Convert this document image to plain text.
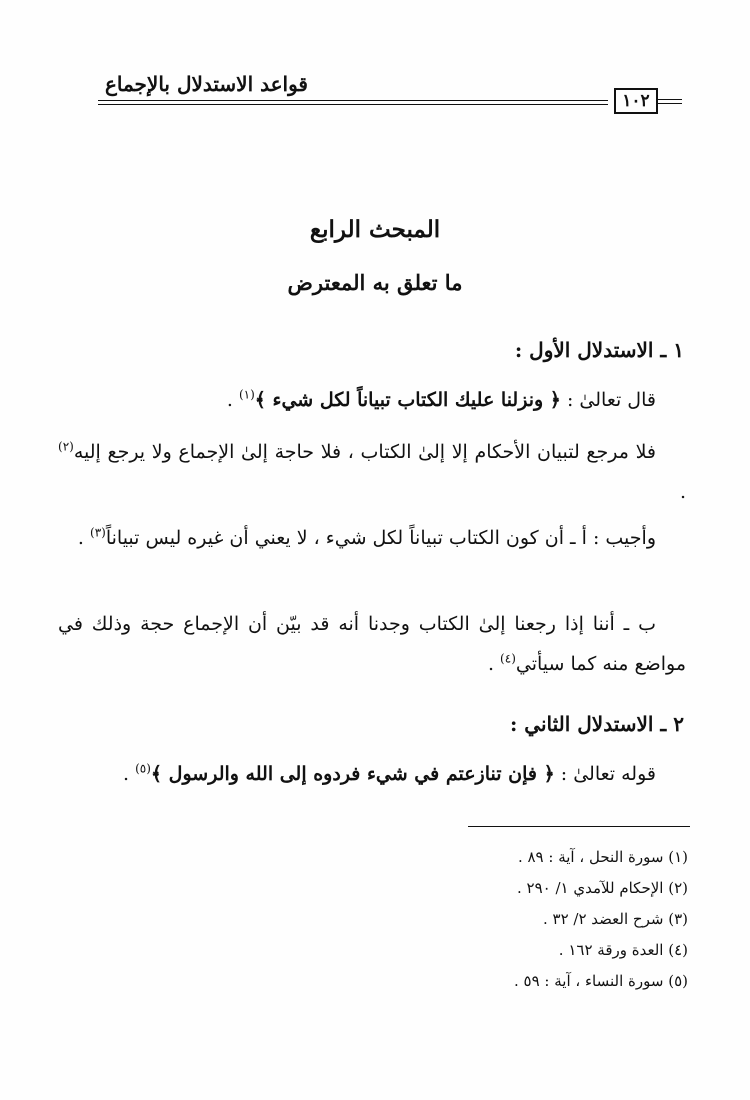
قواعد الاستدلال بالإجماع
١٠٢
المبحث الرابع
ما تعلق به المعترض
١ ـ الاستدلال الأول :
قال تعالىٰ : ﴿ ونزلنا عليك الكتاب تبياناً لكل شيء ﴾$^{(١)}$ .
فلا مرجع لتبيان الأحكام إلا إلىٰ الكتاب ، فلا حاجة إلىٰ الإجماع ولا يرجع إليه$^{(٢)}$ .
وأجيب : أ ـ أن كون الكتاب تبياناً لكل شيء ، لا يعني أن غيره ليس تبياناً$^{(٣)}$ .
ب ـ أننا إذا رجعنا إلىٰ الكتاب وجدنا أنه قد بيّن أن الإجماع حجة وذلك في مواضع منه كما سيأتي$^{(٤)}$ .
٢ ـ الاستدلال الثاني :
قوله تعالىٰ : ﴿ فإن تنازعتم في شيء فردوه إلى الله والرسول ﴾$^{(٥)}$ .
(١) سورة النحل ، آية : ٨٩ .
(٢) الإحكام للآمدي ١/ ٢٩٠ .
(٣) شرح العضد ٢/ ٣٢ .
(٤) العدة ورقة ١٦٢ .
(٥) سورة النساء ، آية : ٥٩ .
